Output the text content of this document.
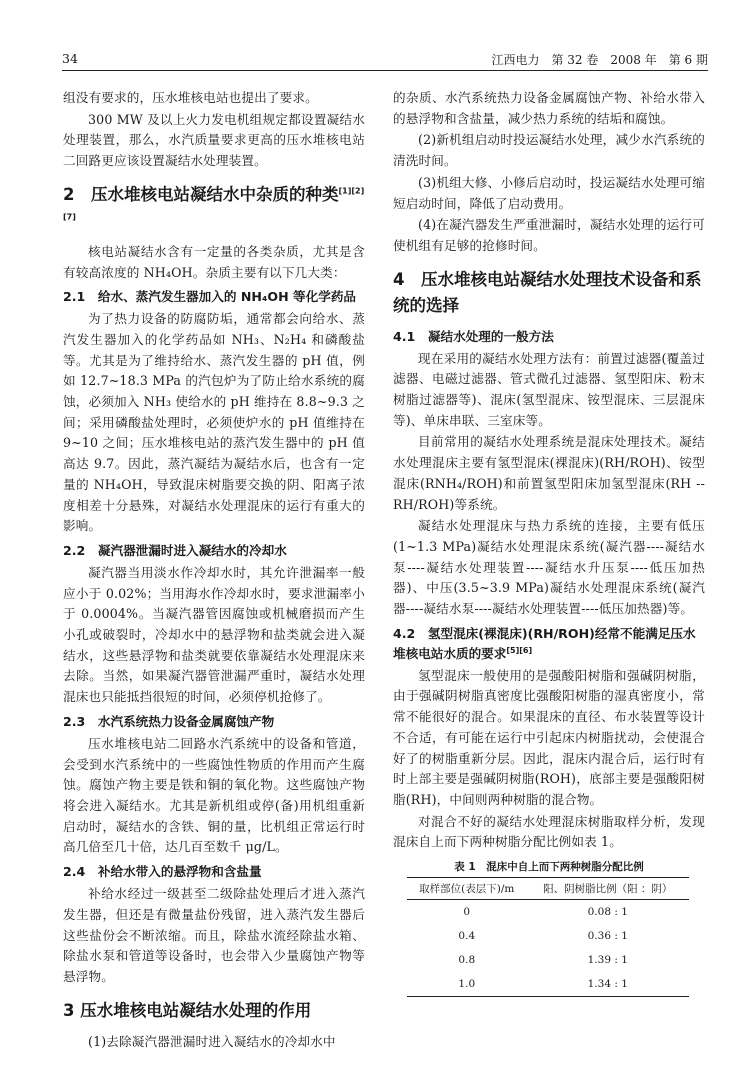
34	江西电力　第 32 卷　2008 年　第 6 期

组没有要求的，压水堆核电站也提出了要求。

300 MW 及以上火力发电机组规定都设置凝结水处理装置，那么，水汽质量要求更高的压水堆核电站二回路更应该设置凝结水处理装置。

2　压水堆核电站凝结水中杂质的种类[1][2][7]

核电站凝结水含有一定量的各类杂质，尤其是含有较高浓度的 NH₄OH。杂质主要有以下几大类：

2.1　给水、蒸汽发生器加入的 NH₄OH 等化学药品

为了热力设备的防腐防垢，通常都会向给水、蒸汽发生器加入的化学药品如 NH₃、N₂H₄ 和磷酸盐等。尤其是为了维持给水、蒸汽发生器的 pH 值，例如 12.7~18.3 MPa 的汽包炉为了防止给水系统的腐蚀，必须加入 NH₃ 使给水的 pH 维持在 8.8~9.3 之间；采用磷酸盐处理时，必须使炉水的 pH 值维持在 9~10 之间；压水堆核电站的蒸汽发生器中的 pH 值高达 9.7。因此，蒸汽凝结为凝结水后，也含有一定量的 NH₄OH，导致混床树脂要交换的阴、阳离子浓度相差十分悬殊，对凝结水处理混床的运行有重大的影响。

2.2　凝汽器泄漏时进入凝结水的冷却水

凝汽器当用淡水作冷却水时，其允许泄漏率一般应小于 0.02%；当用海水作冷却水时，要求泄漏率小于 0.0004%。当凝汽器管因腐蚀或机械磨损而产生小孔或破裂时，冷却水中的悬浮物和盐类就会进入凝结水，这些悬浮物和盐类就要依靠凝结水处理混床来去除。当然，如果凝汽器管泄漏严重时，凝结水处理混床也只能抵挡很短的时间，必须停机抢修了。

2.3　水汽系统热力设备金属腐蚀产物

压水堆核电站二回路水汽系统中的设备和管道，会受到水汽系统中的一些腐蚀性物质的作用而产生腐蚀。腐蚀产物主要是铁和铜的氧化物。这些腐蚀产物将会进入凝结水。尤其是新机组或停(备)用机组重新启动时，凝结水的含铁、铜的量，比机组正常运行时高几倍至几十倍，达几百至数千 μg/L。

2.4　补给水带入的悬浮物和含盐量

补给水经过一级甚至二级除盐处理后才进入蒸汽发生器，但还是有微量盐份残留，进入蒸汽发生器后这些盐份会不断浓缩。而且，除盐水流经除盐水箱、除盐水泵和管道等设备时，也会带入少量腐蚀产物等悬浮物。

3 压水堆核电站凝结水处理的作用

(1)去除凝汽器泄漏时进入凝结水的冷却水中

的杂质、水汽系统热力设备金属腐蚀产物、补给水带入的悬浮物和含盐量，减少热力系统的结垢和腐蚀。

(2)新机组启动时投运凝结水处理，减少水汽系统的清洗时间。

(3)机组大修、小修后启动时，投运凝结水处理可缩短启动时间，降低了启动费用。

(4)在凝汽器发生严重泄漏时，凝结水处理的运行可使机组有足够的抢修时间。

4　压水堆核电站凝结水处理技术设备和系统的选择
4.1　凝结水处理的一般方法

现在采用的凝结水处理方法有：前置过滤器(覆盖过滤器、电磁过滤器、管式微孔过滤器、氢型阳床、粉末树脂过滤器等)、混床(氢型混床、铵型混床、三层混床等)、单床串联、三室床等。

目前常用的凝结水处理系统是混床处理技术。凝结水处理混床主要有氢型混床(裸混床)(RH/ROH)、铵型混床(RNH₄/ROH)和前置氢型阳床加氢型混床(RH --RH/ROH)等系统。

凝结水处理混床与热力系统的连接，主要有低压(1~1.3 MPa)凝结水处理混床系统(凝汽器----凝结水泵----凝结水处理装置----凝结水升压泵----低压加热器)、中压(3.5~3.9 MPa)凝结水处理混床系统(凝汽器----凝结水泵----凝结水处理装置----低压加热器)等。

4.2　氢型混床(裸混床)(RH/ROH)经常不能满足压水堆核电站水质的要求[5][6]

氢型混床一般使用的是强酸阳树脂和强碱阴树脂，由于强碱阴树脂真密度比强酸阳树脂的湿真密度小，常常不能很好的混合。如果混床的直径、布水装置等设计不合适，有可能在运行中引起床内树脂扰动，会使混合好了的树脂重新分层。因此，混床内混合后，运行时有时上部主要是强碱阴树脂(ROH)，底部主要是强酸阳树脂(RH)，中间则两种树脂的混合物。

对混合不好的凝结水处理混床树脂取样分析，发现混床自上而下两种树脂分配比例如表 1。

表 1　混床中自上而下两种树脂分配比例
取样部位(表层下)/m	阳、阴树脂比例（阳 ：阴）
0	0.08 : 1
0.4	0.36 : 1
0.8	1.39 : 1
1.0	1.34 : 1
